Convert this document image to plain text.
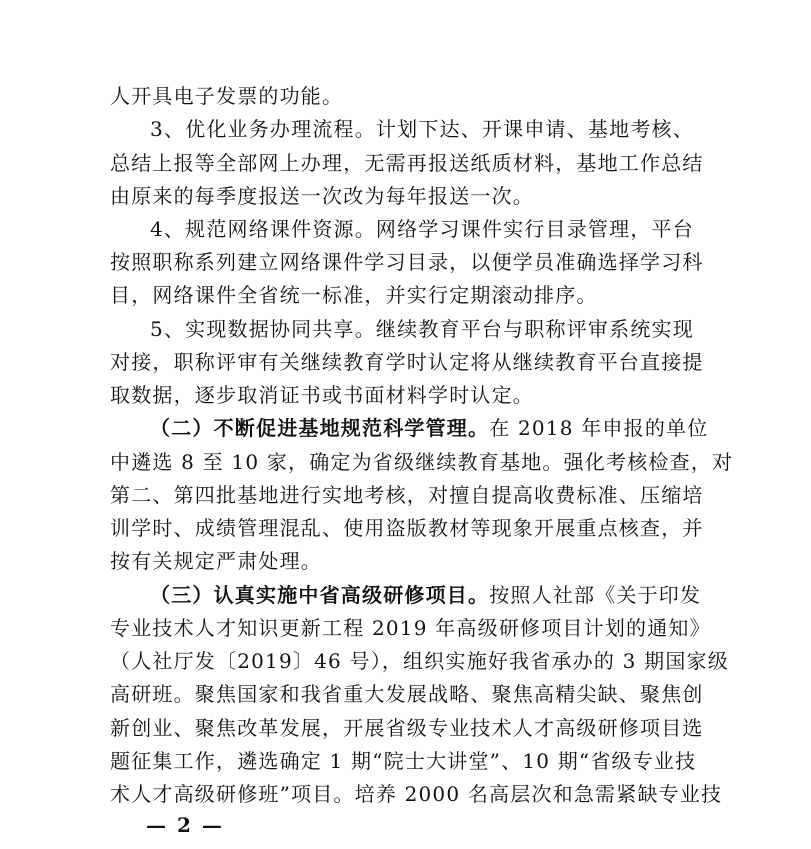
人开具电子发票的功能。
3、优化业务办理流程。计划下达、开课申请、基地考核、
总结上报等全部网上办理，无需再报送纸质材料，基地工作总结
由原来的每季度报送一次改为每年报送一次。
4、规范网络课件资源。网络学习课件实行目录管理，平台
按照职称系列建立网络课件学习目录，以便学员准确选择学习科
目，网络课件全省统一标准，并实行定期滚动排序。
5、实现数据协同共享。继续教育平台与职称评审系统实现
对接，职称评审有关继续教育学时认定将从继续教育平台直接提
取数据，逐步取消证书或书面材料学时认定。
（二）不断促进基地规范科学管理。在 2018 年申报的单位
中遴选 8 至 10 家，确定为省级继续教育基地。强化考核检查，对
第二、第四批基地进行实地考核，对擅自提高收费标准、压缩培
训学时、成绩管理混乱、使用盗版教材等现象开展重点核查，并
按有关规定严肃处理。
（三）认真实施中省高级研修项目。按照人社部《关于印发
专业技术人才知识更新工程 2019 年高级研修项目计划的通知》
（人社厅发〔2019〕46 号），组织实施好我省承办的 3 期国家级
高研班。聚焦国家和我省重大发展战略、聚焦高精尖缺、聚焦创
新创业、聚焦改革发展，开展省级专业技术人才高级研修项目选
题征集工作，遴选确定 1 期“院士大讲堂”、10 期“省级专业技
术人才高级研修班”项目。培养 2000 名高层次和急需紧缺专业技
— 2 —
